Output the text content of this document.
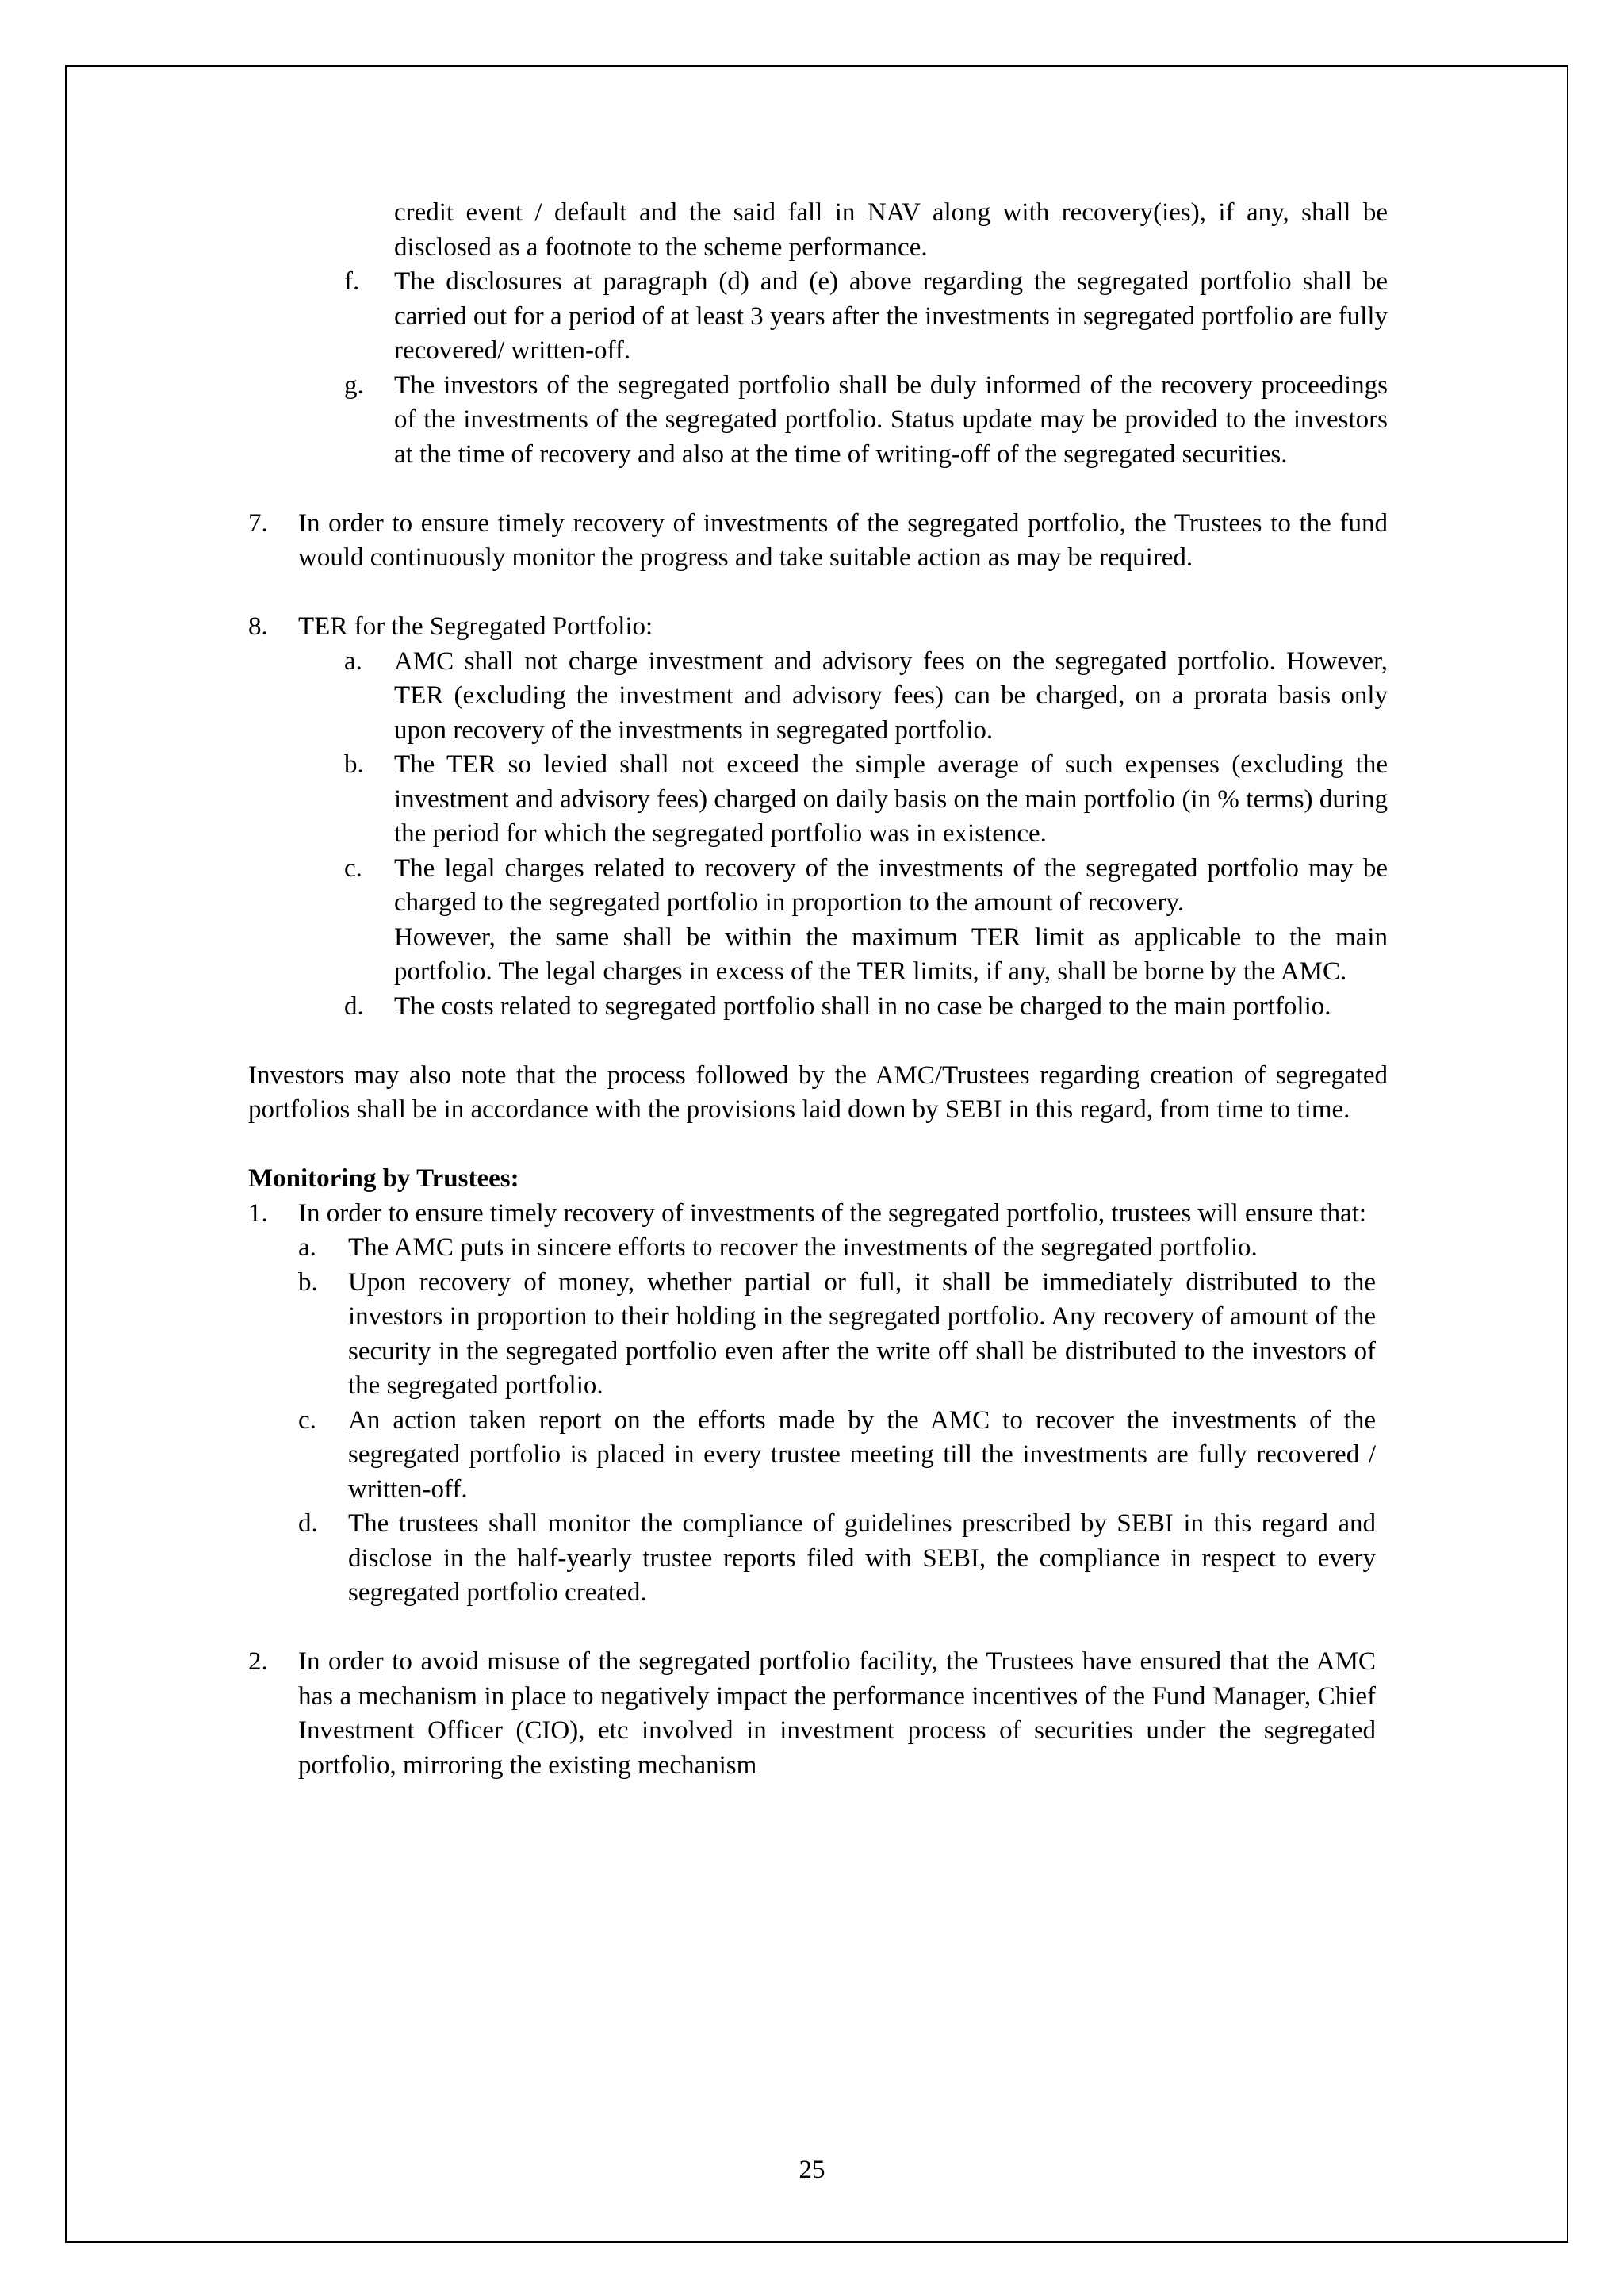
credit event / default and the said fall in NAV along with recovery(ies), if any, shall be disclosed as a footnote to the scheme performance.

f.	The disclosures at paragraph (d) and (e) above regarding the segregated portfolio shall be carried out for a period of at least 3 years after the investments in segregated portfolio are fully recovered/ written-off.
g.	The investors of the segregated portfolio shall be duly informed of the recovery proceedings of the investments of the segregated portfolio. Status update may be provided to the investors at the time of recovery and also at the time of writing-off of the segregated securities.
7.	In order to ensure timely recovery of investments of the segregated portfolio, the Trustees to the fund would continuously monitor the progress and take suitable action as may be required.
8.	TER for the Segregated Portfolio:
a.	AMC shall not charge investment and advisory fees on the segregated portfolio. However, TER (excluding the investment and advisory fees) can be charged, on a prorata basis only upon recovery of the investments in segregated portfolio.
b.	The TER so levied shall not exceed the simple average of such expenses (excluding the investment and advisory fees) charged on daily basis on the main portfolio (in % terms) during the period for which the segregated portfolio was in existence.
c.	The legal charges related to recovery of the investments of the segregated portfolio may be charged to the segregated portfolio in proportion to the amount of recovery.
However, the same shall be within the maximum TER limit as applicable to the main portfolio. The legal charges in excess of the TER limits, if any, shall be borne by the AMC.
d.	The costs related to segregated portfolio shall in no case be charged to the main portfolio.

Investors may also note that the process followed by the AMC/Trustees regarding creation of segregated portfolios shall be in accordance with the provisions laid down by SEBI in this regard, from time to time.

Monitoring by Trustees:

1.	In order to ensure timely recovery of investments of the segregated portfolio, trustees will ensure that:
a.	The AMC puts in sincere efforts to recover the investments of the segregated portfolio.
b.	Upon recovery of money, whether partial or full, it shall be immediately distributed to the investors in proportion to their holding in the segregated portfolio. Any recovery of amount of the security in the segregated portfolio even after the write off shall be distributed to the investors of the segregated portfolio.
c.	An action taken report on the efforts made by the AMC to recover the investments of the segregated portfolio is placed in every trustee meeting till the investments are fully recovered / written-off.
d.	The trustees shall monitor the compliance of guidelines prescribed by SEBI in this regard and disclose in the half-yearly trustee reports filed with SEBI, the compliance in respect to every segregated portfolio created.
2.	In order to avoid misuse of the segregated portfolio facility, the Trustees have ensured that the AMC has a mechanism in place to negatively impact the performance incentives of the Fund Manager, Chief Investment Officer (CIO), etc involved in investment process of securities under the segregated portfolio, mirroring the existing mechanism
25
